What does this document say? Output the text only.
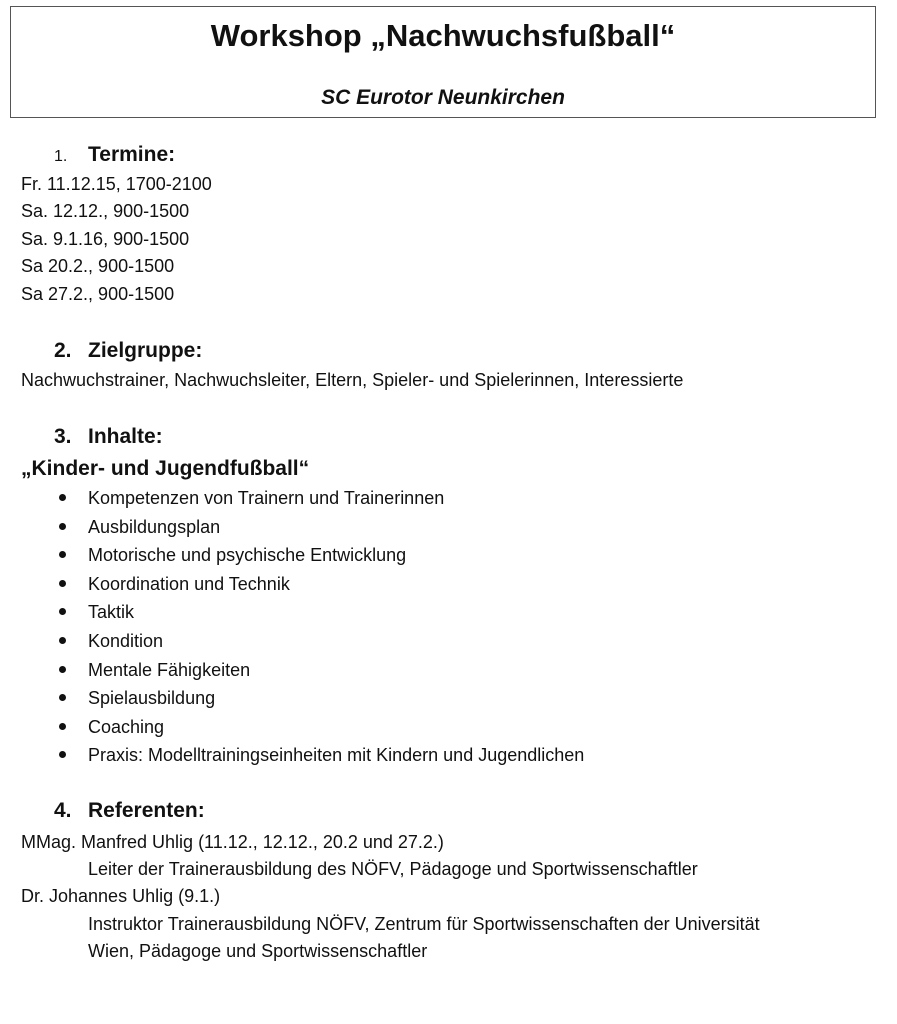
Workshop „Nachwuchsfußball“
SC Eurotor Neunkirchen
1. Termine:
Fr. 11.12.15, 1700-2100
Sa. 12.12., 900-1500
Sa. 9.1.16, 900-1500
Sa 20.2., 900-1500
Sa 27.2., 900-1500
2. Zielgruppe:
Nachwuchstrainer, Nachwuchsleiter, Eltern, Spieler- und Spielerinnen, Interessierte
3. Inhalte:
„Kinder- und Jugendfußball“
Kompetenzen von Trainern und Trainerinnen
Ausbildungsplan
Motorische und psychische Entwicklung
Koordination und Technik
Taktik
Kondition
Mentale Fähigkeiten
Spielausbildung
Coaching
Praxis: Modelltrainingseinheiten mit Kindern und Jugendlichen
4. Referenten:
MMag. Manfred Uhlig (11.12., 12.12., 20.2 und 27.2.)
Leiter der Trainerausbildung des NÖFV, Pädagoge und Sportwissenschaftler
Dr. Johannes Uhlig (9.1.)
Instruktor Trainerausbildung NÖFV, Zentrum für Sportwissenschaften der Universität
Wien, Pädagoge und Sportwissenschaftler
